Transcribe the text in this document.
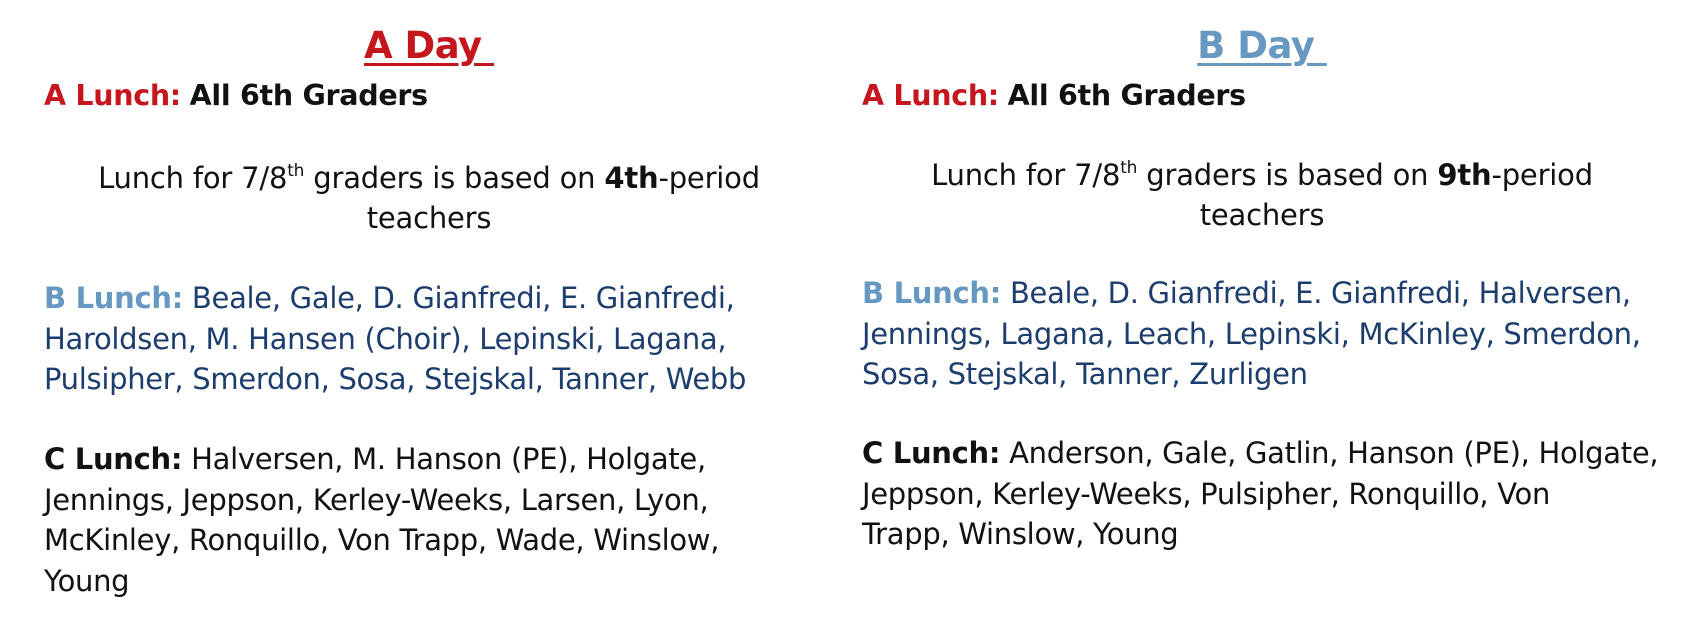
A Day
A Lunch: All 6th Graders
Lunch for 7/8th graders is based on 4th-period
teachers
B Lunch: Beale, Gale, D. Gianfredi, E. Gianfredi,
Haroldsen, M. Hansen (Choir), Lepinski, Lagana,
Pulsipher, Smerdon, Sosa, Stejskal, Tanner, Webb
C Lunch: Halversen, M. Hanson (PE), Holgate,
Jennings, Jeppson, Kerley-Weeks, Larsen, Lyon,
McKinley, Ronquillo, Von Trapp, Wade, Winslow,
Young
B Day
A Lunch: All 6th Graders
Lunch for 7/8th graders is based on 9th-period
teachers
B Lunch: Beale, D. Gianfredi, E. Gianfredi, Halversen,
Jennings, Lagana, Leach, Lepinski, McKinley, Smerdon,
Sosa, Stejskal, Tanner, Zurligen
C Lunch: Anderson, Gale, Gatlin, Hanson (PE), Holgate,
Jeppson, Kerley-Weeks, Pulsipher, Ronquillo, Von
Trapp, Winslow, Young
